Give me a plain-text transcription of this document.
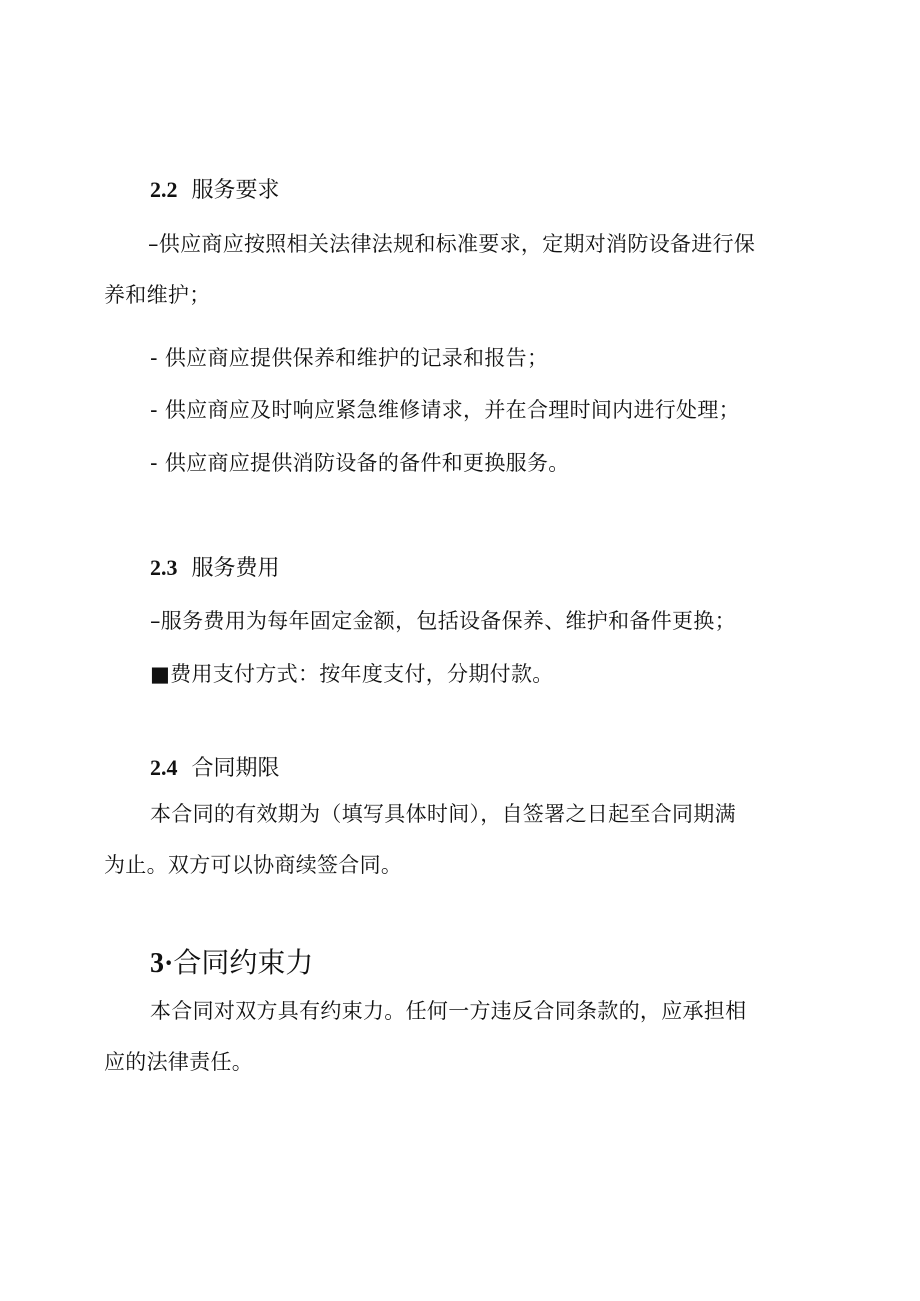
2.2 服务要求
–供应商应按照相关法律法规和标准要求，定期对消防设备进行保
养和维护；
- 供应商应提供保养和维护的记录和报告；
- 供应商应及时响应紧急维修请求，并在合理时间内进行处理；
- 供应商应提供消防设备的备件和更换服务。
2.3 服务费用
–服务费用为每年固定金额，包括设备保养、维护和备件更换；
■费用支付方式：按年度支付，分期付款。
2.4 合同期限
本合同的有效期为（填写具体时间），自签署之日起至合同期满
为止。双方可以协商续签合同。
3·合同约束力
本合同对双方具有约束力。任何一方违反合同条款的，应承担相
应的法律责任。
